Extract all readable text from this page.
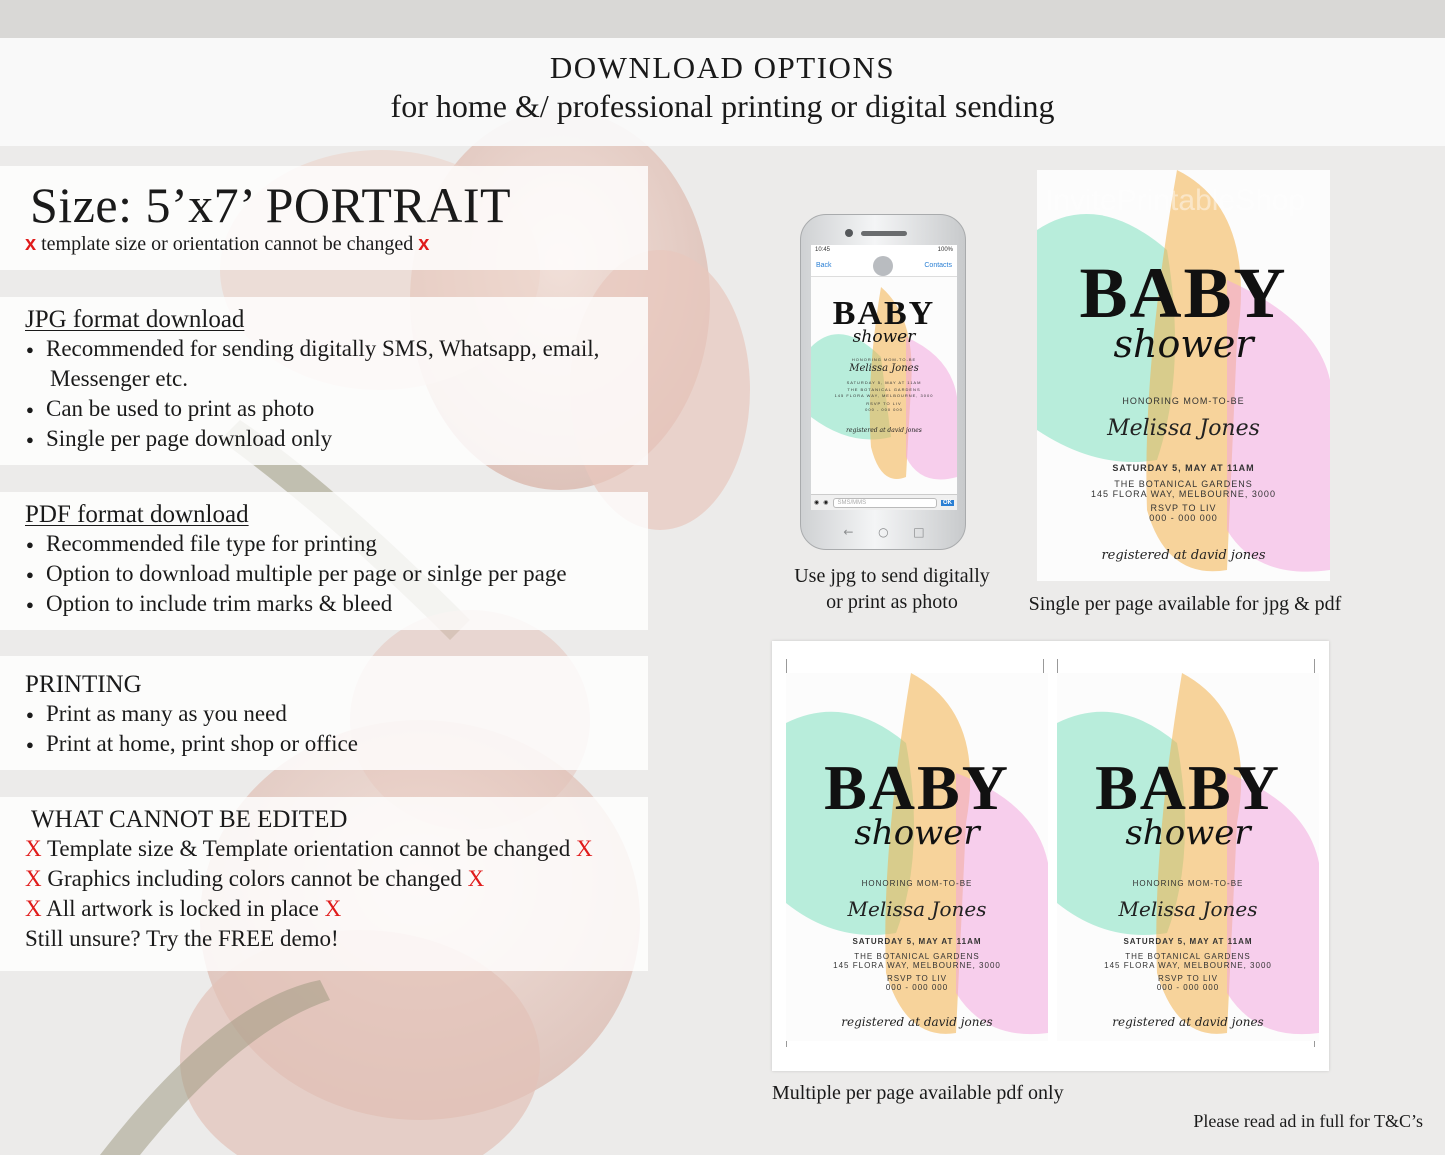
DOWNLOAD OPTIONS
for home &/ professional printing or digital sending
Size: 5’x7’ PORTRAIT
x template size or orientation cannot be changed x
JPG format download
● Recommended for sending digitally SMS, Whatsapp, email,
Messenger etc.
● Can be used to print as photo
● Single per page download only
PDF format download
● Recommended file type for printing
● Option to download multiple per page or sinlge per page
● Option to include trim marks & bleed
PRINTING
● Print as many as you need
● Print at home, print shop or office
WHAT CANNOT BE EDITED
X Template size & Template orientation cannot be changed X
X Graphics including colors cannot be changed X
X All artwork is locked in place X
Still unsure? Try the FREE demo!
10:45	100%
Back	Contacts
BABY
shower
HONORING MOM-TO-BE
Melissa Jones
SATURDAY 5, MAY AT 11AM
THE BOTANICAL GARDENS
145 FLORA WAY, MELBOURNE, 3000
RSVP TO LIV
000 - 000 000
registered at david jones
◉ ◉	SMS/MMS	OK
← ○ □
Use jpg to send digitally
or print as photo
InvitePrintableShop
BABY
shower
HONORING MOM-TO-BE
Melissa Jones
SATURDAY 5, MAY AT 11AM
THE BOTANICAL GARDENS
145 FLORA WAY, MELBOURNE, 3000
RSVP TO LIV
000 - 000 000
registered at david jones
Single per page available for jpg & pdf
BABY
shower
HONORING MOM-TO-BE
Melissa Jones
SATURDAY 5, MAY AT 11AM
THE BOTANICAL GARDENS
145 FLORA WAY, MELBOURNE, 3000
RSVP TO LIV
000 - 000 000
registered at david jones
BABY
shower
HONORING MOM-TO-BE
Melissa Jones
SATURDAY 5, MAY AT 11AM
THE BOTANICAL GARDENS
145 FLORA WAY, MELBOURNE, 3000
RSVP TO LIV
000 - 000 000
registered at david jones
Multiple per page available pdf only
Please read ad in full for T&C’s
